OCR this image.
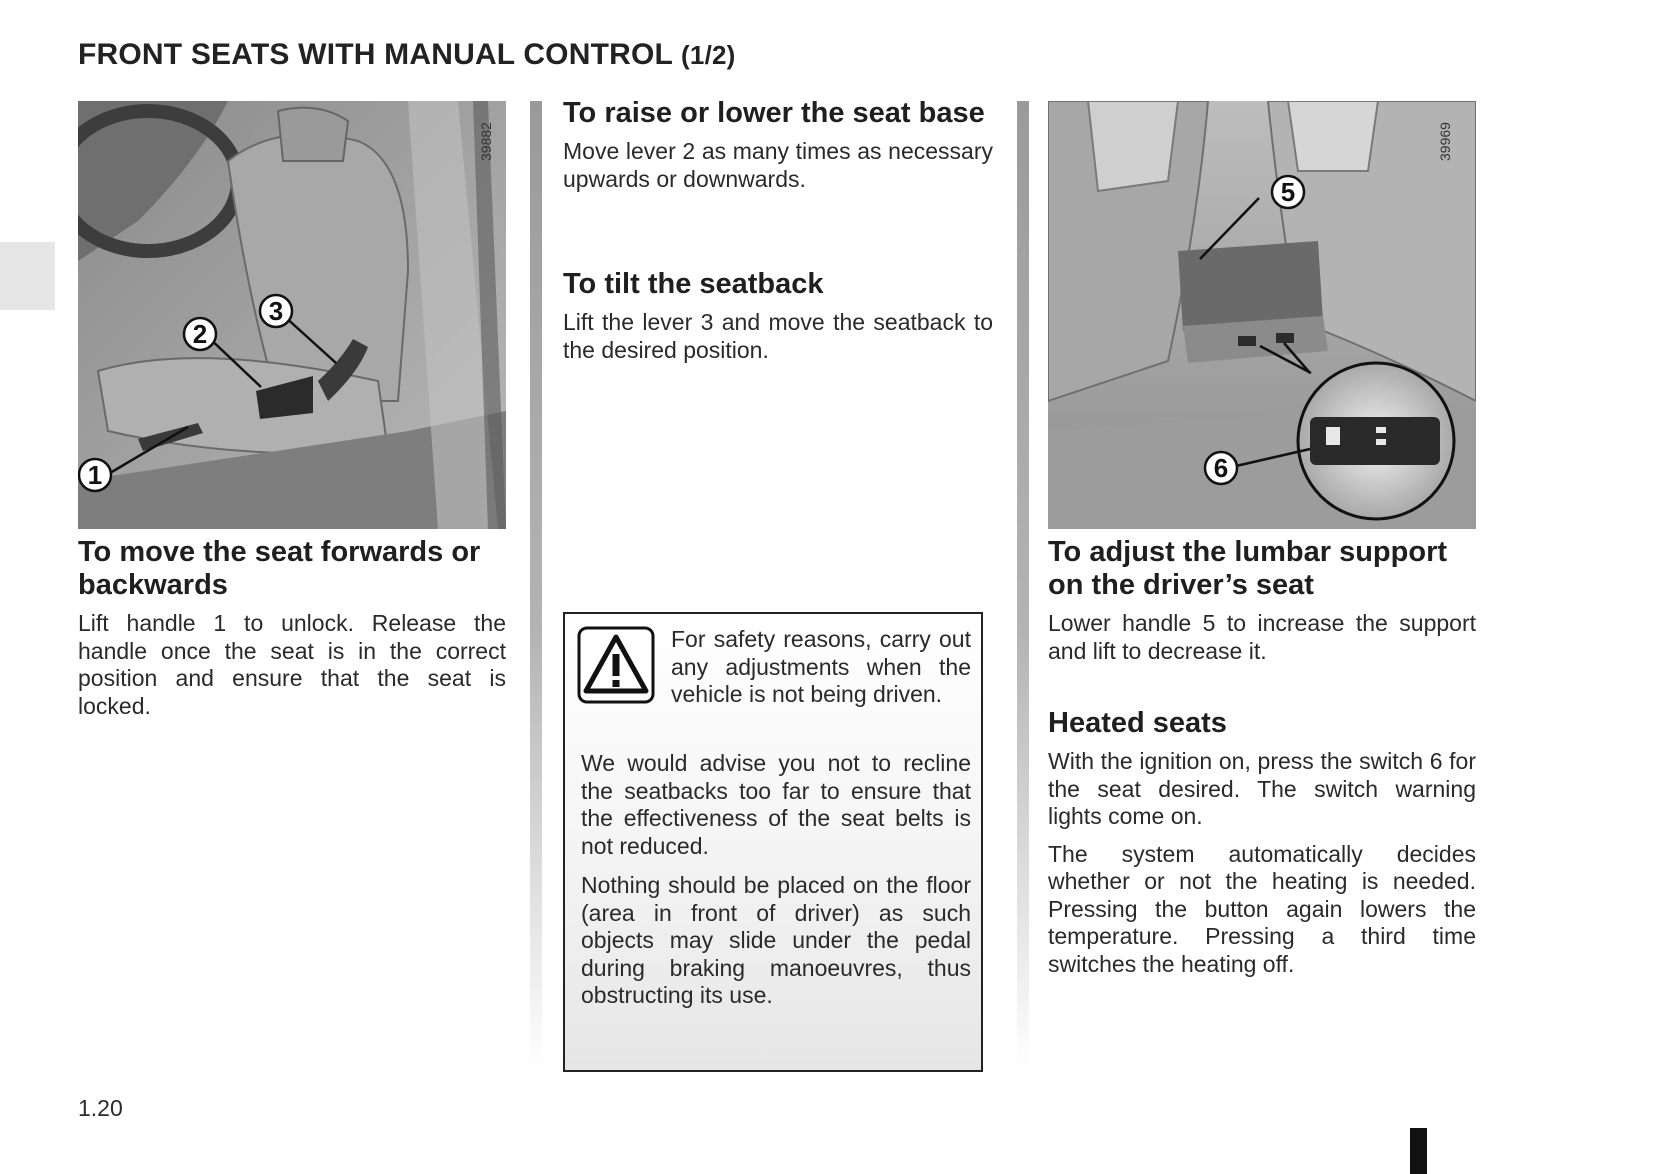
FRONT SEATS WITH MANUAL CONTROL (1/2)
39882
1
2
3
39969
5
6
To move the seat forwards or backwards

Lift handle 1 to unlock. Release the handle once the seat is in the correct position and ensure that the seat is locked.

To raise or lower the seat base

Move lever 2 as many times as necessary upwards or downwards.

To tilt the seatback

Lift the lever 3 and move the seatback to the desired position.

For safety reasons, carry out any adjustments when the vehicle is not being driven.
We would advise you not to recline the seatbacks too far to ensure that the effectiveness of the seat belts is not reduced.
Nothing should be placed on the floor (area in front of driver) as such objects may slide under the pedal during braking manoeuvres, thus obstructing its use.
To adjust the lumbar support on the driver’s seat

Lower handle 5 to increase the support and lift to decrease it.

Heated seats

With the ignition on, press the switch 6 for the seat desired. The switch warning lights come on.

The system automatically decides whether or not the heating is needed. Pressing the button again lowers the temperature. Pressing a third time switches the heating off.

1.20
